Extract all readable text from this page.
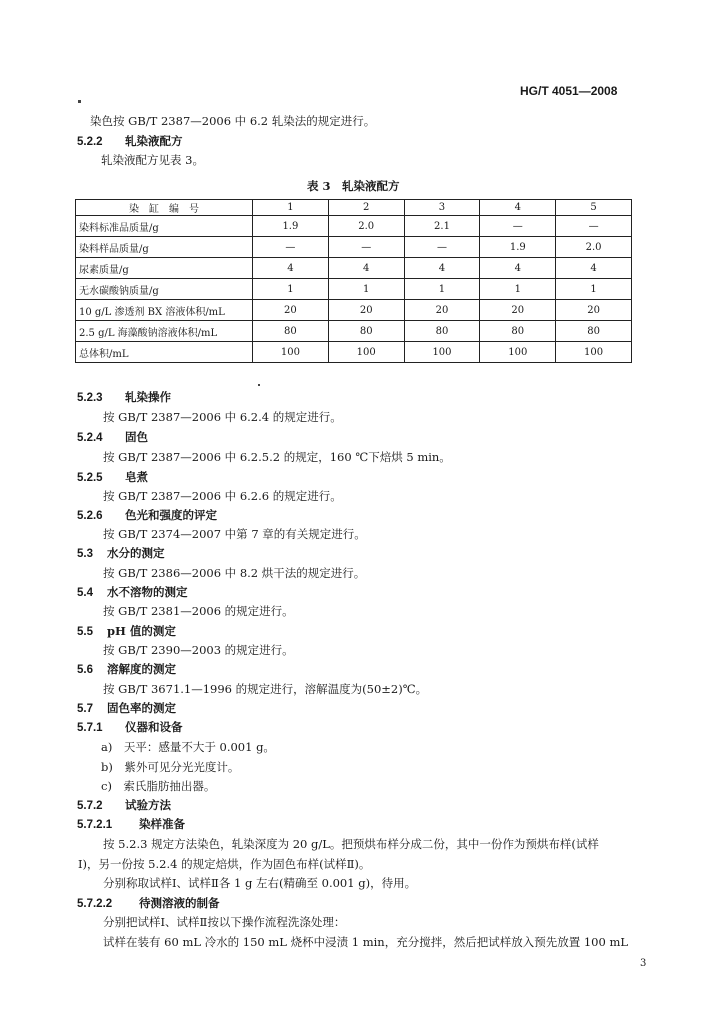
HG/T 4051—2008
染色按 GB/T 2387—2006 中 6.2 轧染法的规定进行。
5.2.2 轧染液配方
轧染液配方见表 3。
表 3　轧染液配方
染　缸　编　号	1	2	3	4	5
染料标准品质量/g	1.9	2.0	2.1	—	—
染料样品质量/g	—	—	—	1.9	2.0
尿素质量/g	4	4	4	4	4
无水碳酸钠质量/g	1	1	1	1	1
10 g/L 渗透剂 BX 溶液体积/mL	20	20	20	20	20
2.5 g/L 海藻酸钠溶液体积/mL	80	80	80	80	80
总体积/mL	100	100	100	100	100
5.2.3 轧染操作
按 GB/T 2387—2006 中 6.2.4 的规定进行。
5.2.4 固色
按 GB/T 2387—2006 中 6.2.5.2 的规定，160 ℃下焙烘 5 min。
5.2.5 皂煮
按 GB/T 2387—2006 中 6.2.6 的规定进行。
5.2.6 色光和强度的评定
按 GB/T 2374—2007 中第 7 章的有关规定进行。
5.3 水分的测定
按 GB/T 2386—2006 中 8.2 烘干法的规定进行。
5.4 水不溶物的测定
按 GB/T 2381—2006 的规定进行。
5.5 pH 值的测定
按 GB/T 2390—2003 的规定进行。
5.6 溶解度的测定
按 GB/T 3671.1—1996 的规定进行，溶解温度为(50±2)℃。
5.7 固色率的测定
5.7.1 仪器和设备
a)　天平：感量不大于 0.001 g。
b)　紫外可见分光光度计。
c)　索氏脂肪抽出器。
5.7.2 试验方法
5.7.2.1 染样准备
按 5.2.3 规定方法染色，轧染深度为 20 g/L。把预烘布样分成二份，其中一份作为预烘布样(试样
Ⅰ)，另一份按 5.2.4 的规定焙烘，作为固色布样(试样Ⅱ)。
分别称取试样Ⅰ、试样Ⅱ各 1 g 左右(精确至 0.001 g)，待用。
5.7.2.2 待测溶液的制备
分别把试样Ⅰ、试样Ⅱ按以下操作流程洗涤处理：
试样在装有 60 mL 冷水的 150 mL 烧杯中浸渍 1 min，充分搅拌，然后把试样放入预先放置 100 mL
3
